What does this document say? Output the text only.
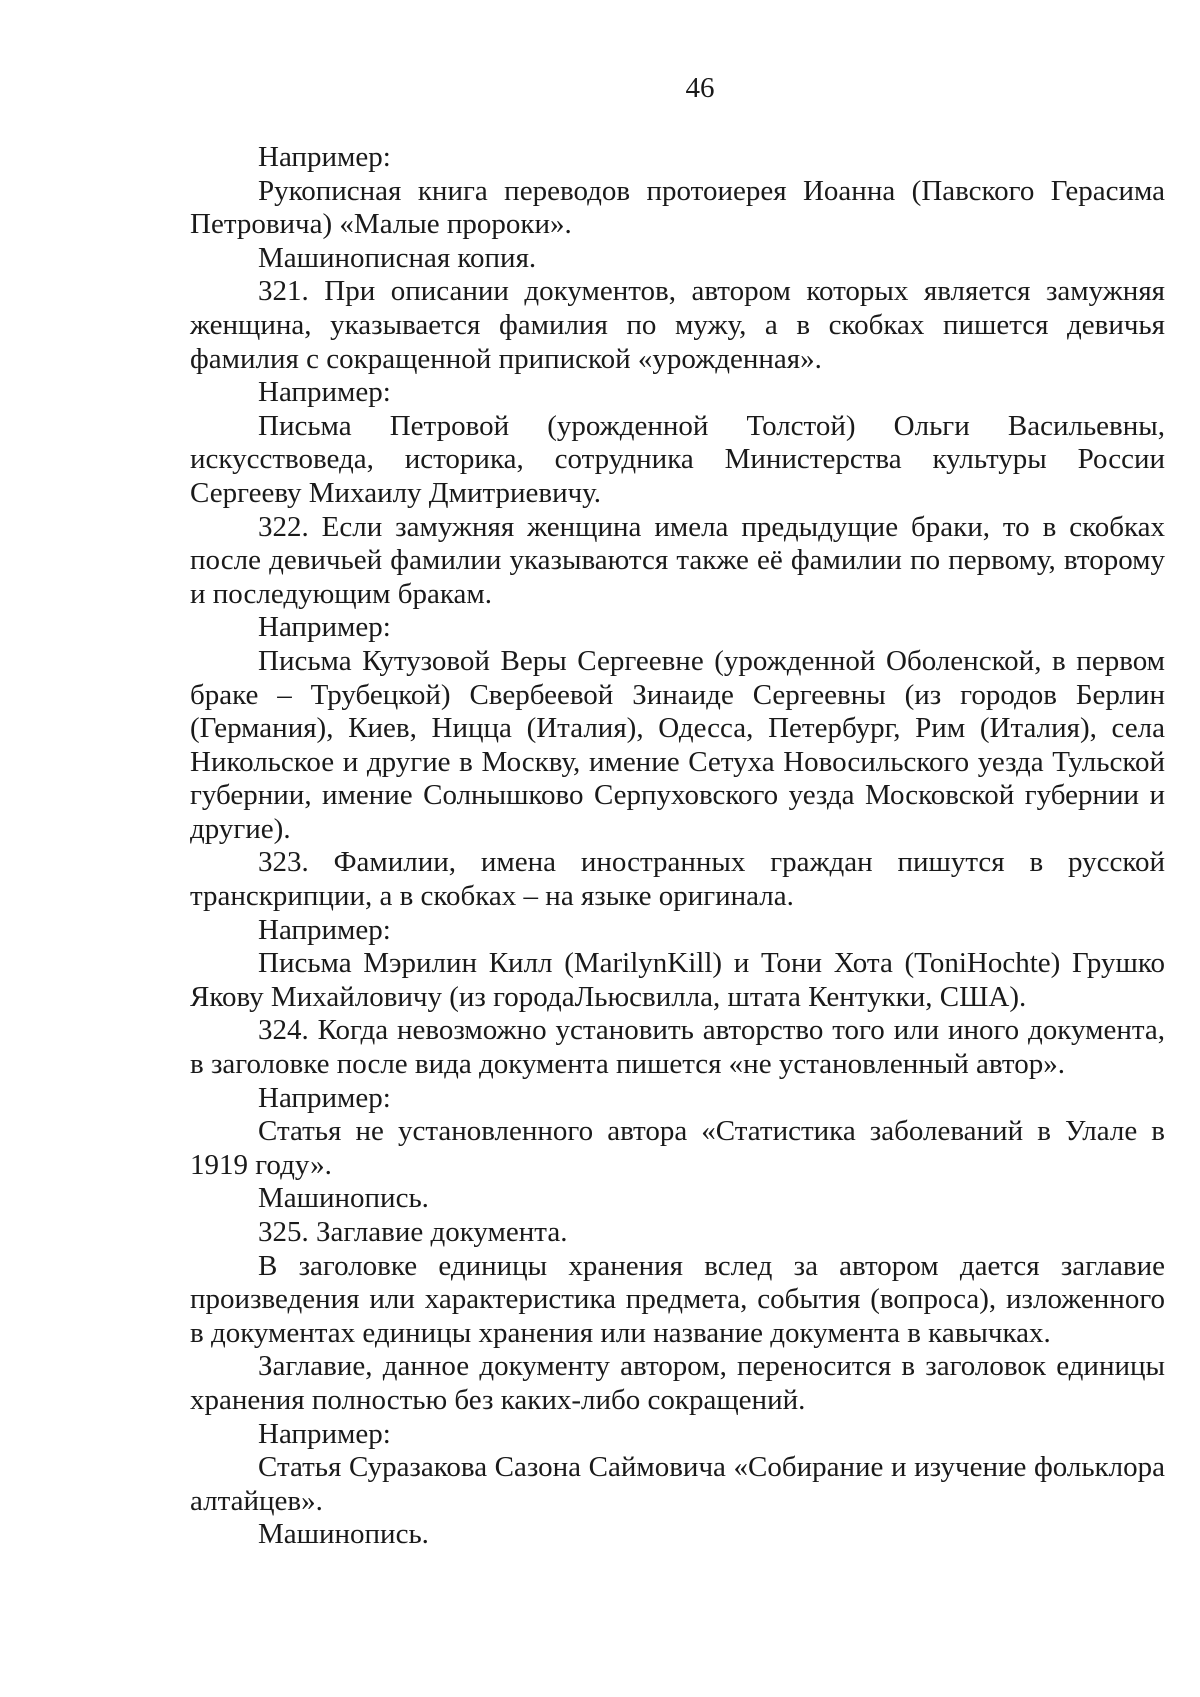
46

Например:

Рукописная книга переводов протоиерея Иоанна (Павского Герасима Петровича) «Малые пророки».

Машинописная копия.

321. При описании документов, автором которых является замужняя женщина, указывается фамилия по мужу, а в скобках пишется девичья фамилия с сокращенной припиской «урожденная».

Например:

Письма Петровой (урожденной Толстой) Ольги Васильевны, искусствоведа, историка, сотрудника Министерства культуры России Сергееву Михаилу Дмитриевичу.

322. Если замужняя женщина имела предыдущие браки, то в скобках после девичьей фамилии указываются также её фамилии по первому, второму и последующим бракам.

Например:

Письма Кутузовой Веры Сергеевне (урожденной Оболенской, в первом браке – Трубецкой) Свербеевой Зинаиде Сергеевны (из городов Берлин (Германия), Киев, Ницца (Италия), Одесса, Петербург, Рим (Италия), села Никольское и другие в Москву, имение Сетуха Новосильского уезда Тульской губернии, имение Солнышково Серпуховского уезда Московской губернии и другие).

323. Фамилии, имена иностранных граждан пишутся в русской транскрипции, а в скобках – на языке оригинала.

Например:

Письма Мэрилин Килл (MarilynKill) и Тони Хота (ToniHochte) Грушко Якову Михайловичу (из городаЛьюсвилла, штата Кентукки, США).

324. Когда невозможно установить авторство того или иного документа, в заголовке после вида документа пишется «не установленный автор».

Например:

Статья не установленного автора «Статистика заболеваний в Улале в 1919 году».

Машинопись.

325. Заглавие документа.

В заголовке единицы хранения вслед за автором дается заглавие произведения или характеристика предмета, события (вопроса), изложенного в документах единицы хранения или название документа в кавычках.

Заглавие, данное документу автором, переносится в заголовок единицы хранения полностью без каких-либо сокращений.

Например:

Статья Суразакова Сазона Саймовича «Собирание и изучение фольклора алтайцев».

Машинопись.
